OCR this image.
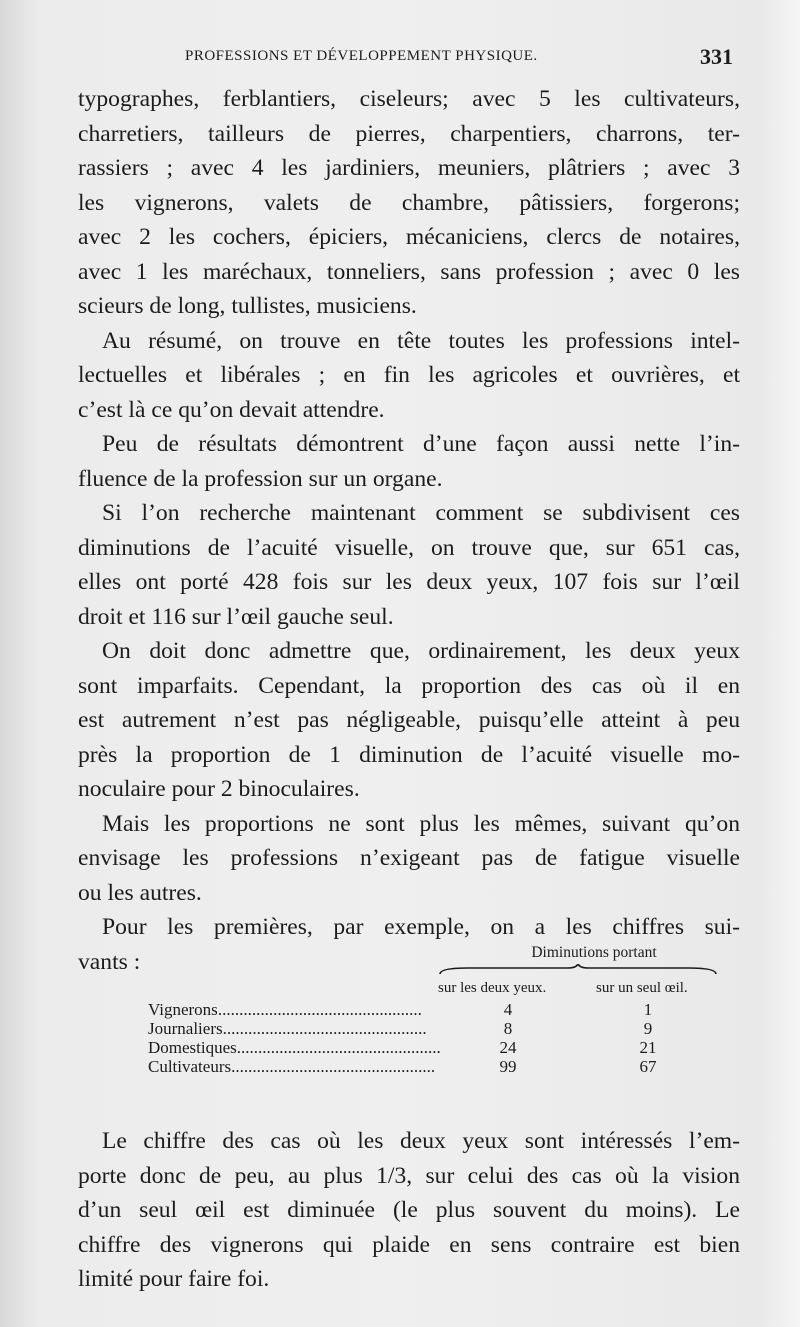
PROFESSIONS ET DÉVELOPPEMENT PHYSIQUE.	331

typographes, ferblantiers, ciseleurs; avec 5 les cultivateurs,
charretiers, tailleurs de pierres, charpentiers, charrons, ter-
rassiers ; avec 4 les jardiniers, meuniers, plâtriers ; avec 3
les vignerons, valets de chambre, pâtissiers, forgerons;
avec 2 les cochers, épiciers, mécaniciens, clercs de notaires,
avec 1 les maréchaux, tonneliers, sans profession ; avec 0 les
scieurs de long, tullistes, musiciens.

Au résumé, on trouve en tête toutes les professions intel-
lectuelles et libérales ; en fin les agricoles et ouvrières, et
c’est là ce qu’on devait attendre.

Peu de résultats démontrent d’une façon aussi nette l’in-
fluence de la profession sur un organe.

Si l’on recherche maintenant comment se subdivisent ces
diminutions de l’acuité visuelle, on trouve que, sur 651 cas,
elles ont porté 428 fois sur les deux yeux, 107 fois sur l’œil
droit et 116 sur l’œil gauche seul.

On doit donc admettre que, ordinairement, les deux yeux
sont imparfaits. Cependant, la proportion des cas où il en
est autrement n’est pas négligeable, puisqu’elle atteint à peu
près la proportion de 1 diminution de l’acuité visuelle mo-
noculaire pour 2 binoculaires.

Mais les proportions ne sont plus les mêmes, suivant qu’on
envisage les professions n’exigeant pas de fatigue visuelle
ou les autres.

Pour les premières, par exemple, on a les chiffres sui-
vants :	Diminutions portant
sur les deux yeux.	sur un seul œil.
Vignerons................................................	4	1
Journaliers................................................	8	9
Domestiques................................................	24	21
Cultivateurs................................................	99	67

Le chiffre des cas où les deux yeux sont intéressés l’em-
porte donc de peu, au plus 1/3, sur celui des cas où la vision
d’un seul œil est diminuée (le plus souvent du moins). Le
chiffre des vignerons qui plaide en sens contraire est bien
limité pour faire foi.
